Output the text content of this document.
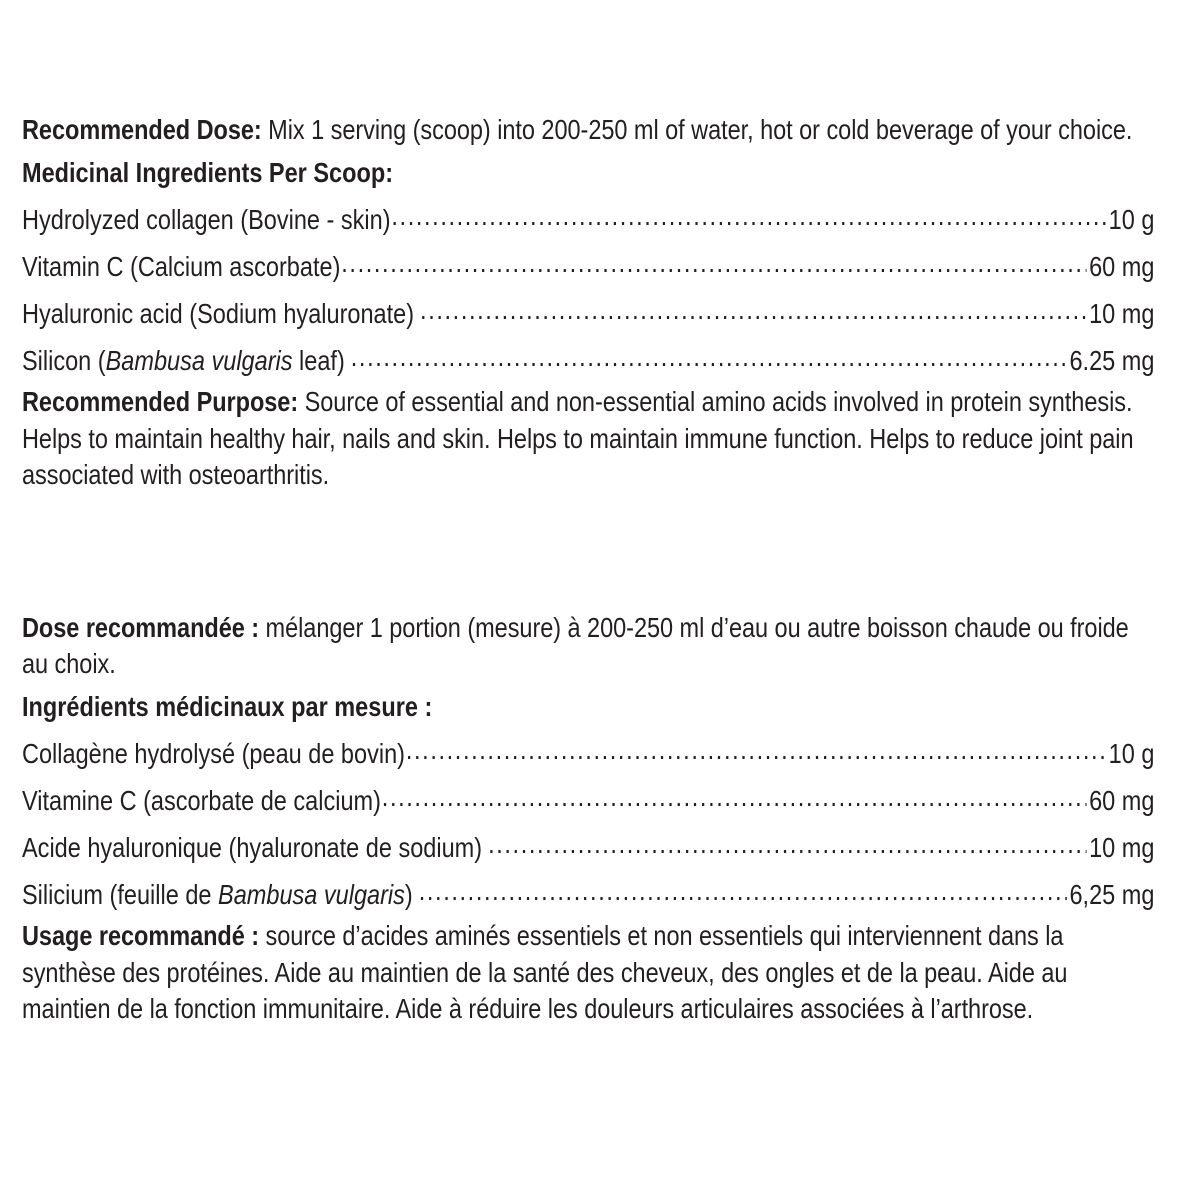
Recommended Dose: Mix 1 serving (scoop) into 200-250 ml of water, hot or cold beverage of your choice.

Medicinal Ingredients Per Scoop:
Hydrolyzed collagen (Bovine - skin) .....	10 g
Vitamin C (Calcium ascorbate) .....	60 mg
Hyaluronic acid (Sodium hyaluronate) .....	10 mg
Silicon (Bambusa vulgaris leaf) .....	6.25 mg

Recommended Purpose: Source of essential and non-essential amino acids involved in protein synthesis. Helps to maintain healthy hair, nails and skin. Helps to maintain immune function. Helps to reduce joint pain associated with osteoarthritis.

Dose recommandée : mélanger 1 portion (mesure) à 200-250 ml d’eau ou autre boisson chaude ou froide au choix.

Ingrédients médicinaux par mesure :
Collagène hydrolysé (peau de bovin) .....	10 g
Vitamine C (ascorbate de calcium) .....	60 mg
Acide hyaluronique (hyaluronate de sodium) .....	10 mg
Silicium (feuille de Bambusa vulgaris) .....	6,25 mg

Usage recommandé : source d’acides aminés essentiels et non essentiels qui interviennent dans la synthèse des protéines. Aide au maintien de la santé des cheveux, des ongles et de la peau. Aide au maintien de la fonction immunitaire. Aide à réduire les douleurs articulaires associées à l’arthrose.
